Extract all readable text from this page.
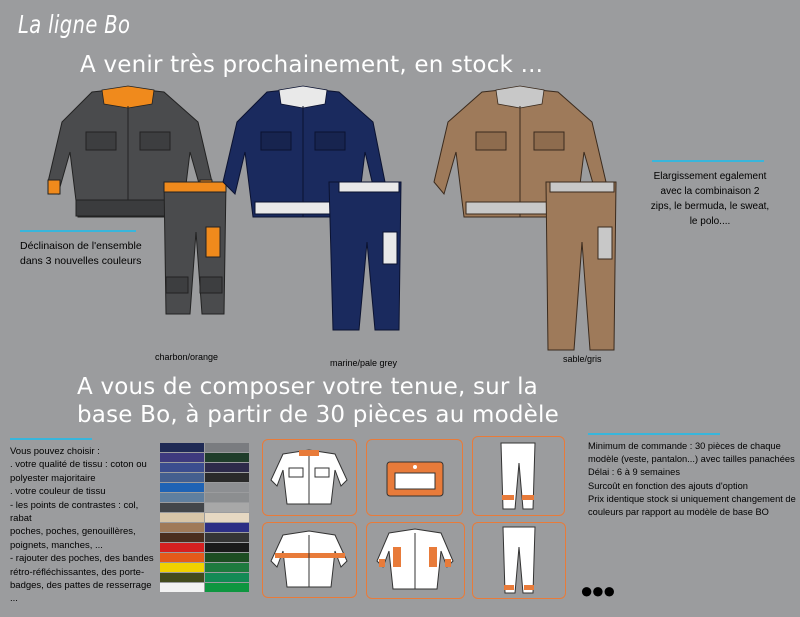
La ligne Bo
A venir très prochainement, en stock ...
A vous de composer votre tenue, sur la
base Bo, à partir de 30 pièces au modèle
Déclinaison de l'ensemble
dans 3 nouvelles couleurs
Elargissement egalement
avec la combinaison 2
zips, le bermuda, le sweat,
le polo....
charbon/orange
marine/pale grey	sable/gris
Vous pouvez choisir :
. votre qualité de tissu : coton ou
polyester majoritaire
. votre couleur de tissu
- les points de contrastes : col, rabat
poches, poches, genouillères,
poignets, manches, ...
- rajouter des poches, des bandes
rétro-réfléchissantes, des porte-
badges, des pattes de resserrage ...
Minimum de commande : 30 pièces de chaque
modèle (veste, pantalon...) avec tailles panachées
Délai : 6 à 9 semaines
Surcoût en fonction des ajouts d'option
Prix identique stock si uniquement changement de
couleurs par rapport au modèle de base BO
●●●
